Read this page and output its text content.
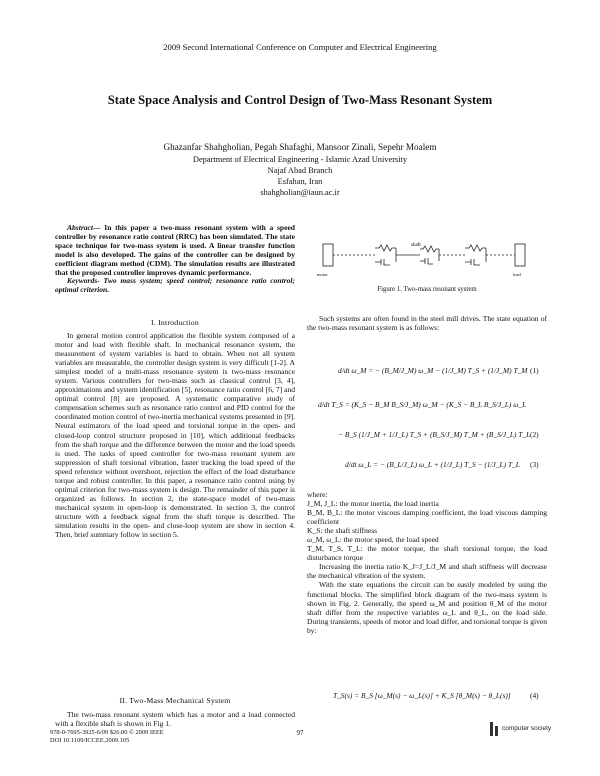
2009 Second International Conference on Computer and Electrical Engineering
State Space Analysis and Control Design of Two-Mass Resonant System
Ghazanfar Shahgholian, Pegah Shafaghi, Mansoor Zinali, Sepehr Moalem
Department of Electrical Engineering - Islamic Azad University
Najaf Abad Branch
Esfahan, Iran
shahgholian@iaun.ac.ir

Abstract— In this paper a two-mass resonant system with a speed controller by resonance ratio control (RRC) has been simulated. The state space technique for two-mass system is used. A linear transfer function model is also developed. The gains of the controller can be designed by coefficient diagram method (CDM). The simulation results are illustrated that the proposed controller improves dynamic performance.

Keywords- Two mass system; speed control; resonance ratio control; optimal criterion.

I. Introduction

In general motion control application the flexible system composed of a motor and load with flexible shaft. In mechanical resonance system, the measurement of system variables is hard to obtain. When not all system variables are measurable, the controller design system is very difficult [1-2]. A simplest model of a multi-mass resonance system is two-mass resonance system. Various controllers for two-mass such as classical control [3, 4], approximations and system identification [5], resonance ratio control [6, 7] and optimal control [8] are proposed. A systematic comparative study of compensation schemes such as resonance ratio control and PID control for the coordinated motion control of two-inertia mechanical systems presented in [9]. Neural estimators of the load speed and torsional torque in the open- and closed-loop control structure proposed in [10], which additional feedbacks from the shaft torque and the difference between the motor and the load speeds is used. The tasks of speed controller for two-mass resonant system are suppression of shaft torsional vibration, faster tracking the load speed of the speed reference without overshoot, rejection the effect of the load disturbance torque and robust controller. In this paper, a resonance ratio control using by optimal criterion for two-mass system is design. The remainder of this paper is organized as follows. In section 2, the state-space model of two-mass mechanical system in open-loop is demonstrated. In section 3, the control structure with a feedback signal from the shaft torque is described. The simulation results in the open- and close-loop system are show in section 4. Then, brief summary follow in section 5.

II. Two-Mass Mechanical System

The two-mass resonant system which has a motor and a load connected with a flexible shaft is shown in Fig 1.

shaft
motor	load
Figure 1. Two-mass resonant system

Such systems are often found in the steel mill drives. The state equation of the two-mass resonant system is as follows:

d/dt ω_M = − (B_M/J_M) ω_M − (1/J_M) T_S + (1/J_M) T_M (1)
d/dt T_S = (K_S − B_M B_S/J_M) ω_M − (K_S − B_L B_S/J_L) ω_L
− B_S (1/J_M + 1/J_L) T_S + (B_S/J_M) T_M + (B_S/J_L) T_L (2)
d/dt ω_L = − (B_L/J_L) ω_L + (1/J_L) T_S − (1/J_L) T_L (3)

where:

J_M, J_L: the motor inertia, the load inertia

B_M, B_L: the motor viscous damping coefficient, the load viscous damping coefficient

K_S: the shaft stiffness

ω_M, ω_L: the motor speed, the load speed

T_M, T_S, T_L: the motor torque, the shaft torsional torque, the load disturbance torque

Increasing the inertia ratio K_J=J_L/J_M and shaft stiffness will decrease the mechanical vibration of the system.

With the state equations the circuit can be easily modeled by using the functional blocks. The simplified block diagram of the two-mass system is shown in Fig. 2. Generally, the speed ω_M and position θ_M of the motor shaft differ from the respective variables ω_L and θ_L, on the load side. During transients, speeds of motor and load differ, and torsional torque is given by:

T_S(s) = B_S [ω_M(s) − ω_L(s)] + K_S [θ_M(s) − θ_L(s)]	(4)
978-0-7695-3925-6/09 $26.00 © 2009 IEEE
DOI 10.1109/ICCEE.2009.105
97
computer society
